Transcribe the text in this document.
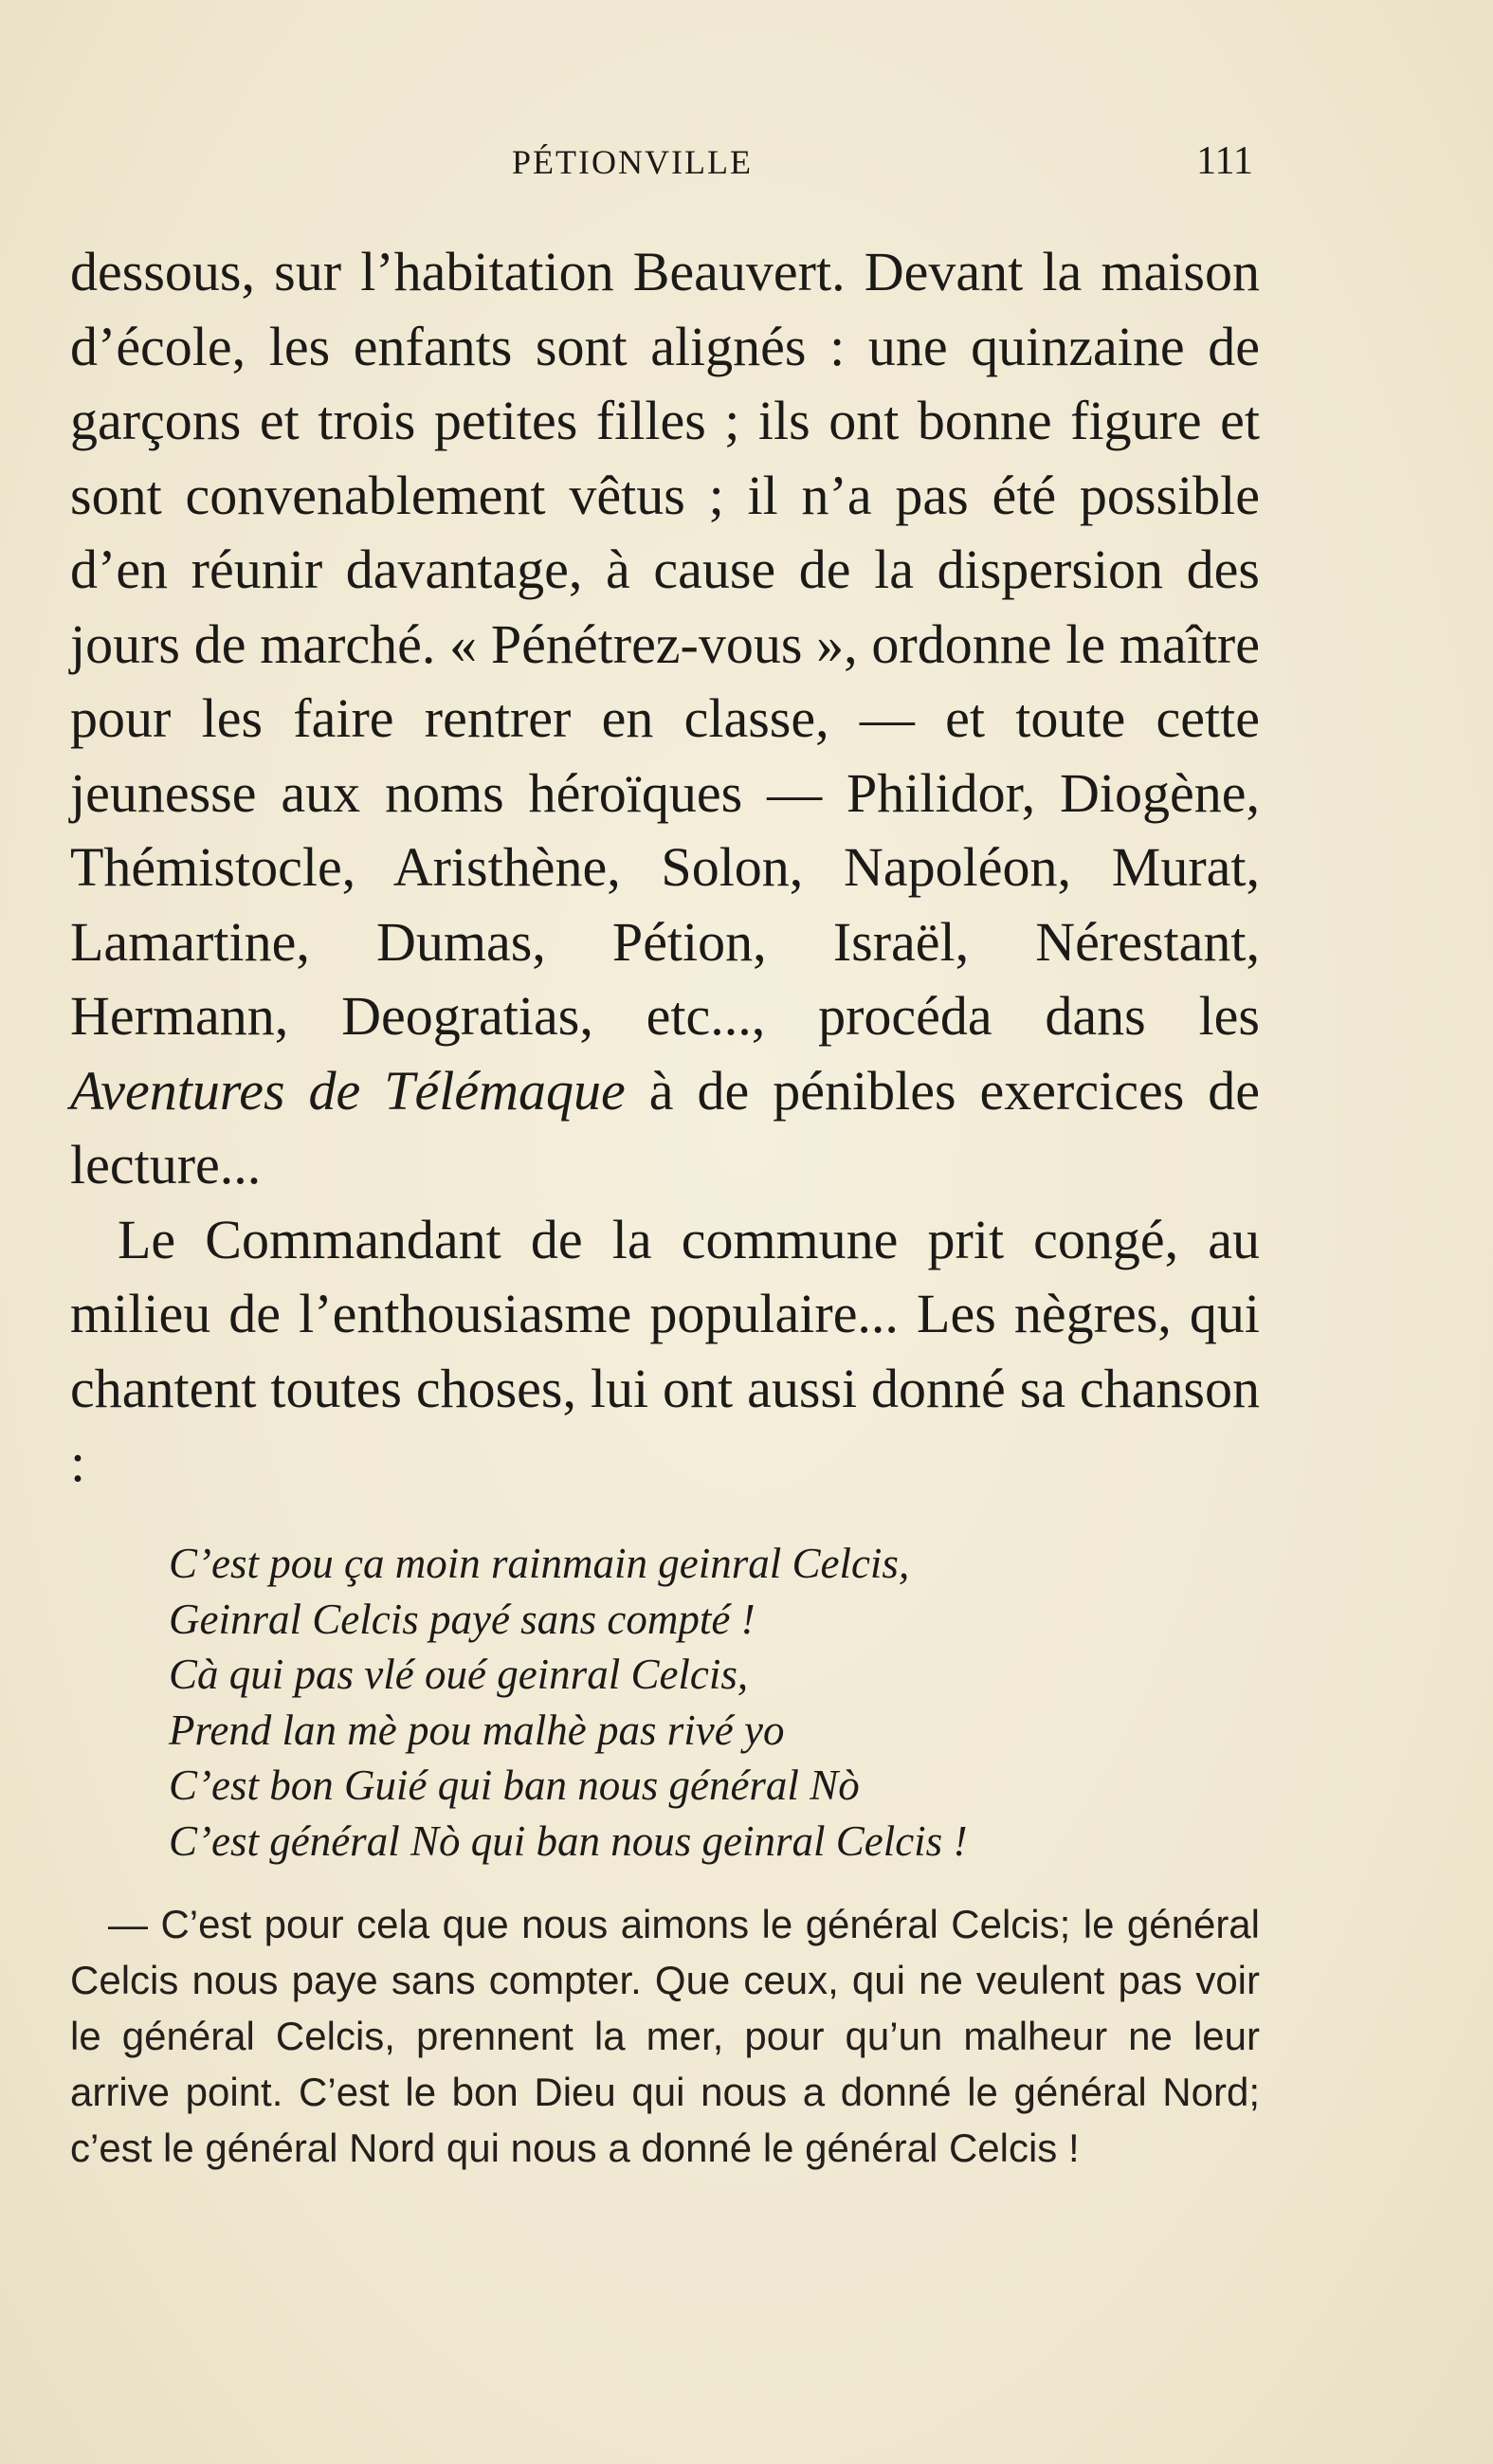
PÉTIONVILLE	111

dessous, sur l’habitation Beauvert. Devant la maison d’école, les enfants sont alignés : une quinzaine de garçons et trois petites filles ; ils ont bonne figure et sont convenablement vêtus ; il n’a pas été possible d’en réunir davantage, à cause de la dispersion des jours de marché. « Pénétrez-vous », ordonne le maître pour les faire rentrer en classe, — et toute cette jeunesse aux noms héroïques — Philidor, Diogène, Thémistocle, Aristhène, Solon, Napoléon, Murat, Lamartine, Dumas, Pétion, Israël, Nérestant, Hermann, Deogratias, etc..., procéda dans les Aventures de Télémaque à de pénibles exercices de lecture...

Le Commandant de la commune prit congé, au milieu de l’enthousiasme populaire... Les nègres, qui chantent toutes choses, lui ont aussi donné sa chanson :

C’est pou ça moin rainmain geinral Celcis,
Geinral Celcis payé sans compté !
Cà qui pas vlé oué geinral Celcis,
Prend lan mè pou malhè pas rivé yo
C’est bon Guié qui ban nous général Nò
C’est général Nò qui ban nous geinral Celcis !

— C’est pour cela que nous aimons le général Celcis; le général Celcis nous paye sans compter. Que ceux, qui ne veulent pas voir le général Celcis, prennent la mer, pour qu’un malheur ne leur arrive point. C’est le bon Dieu qui nous a donné le général Nord; c’est le général Nord qui nous a donné le général Celcis !
